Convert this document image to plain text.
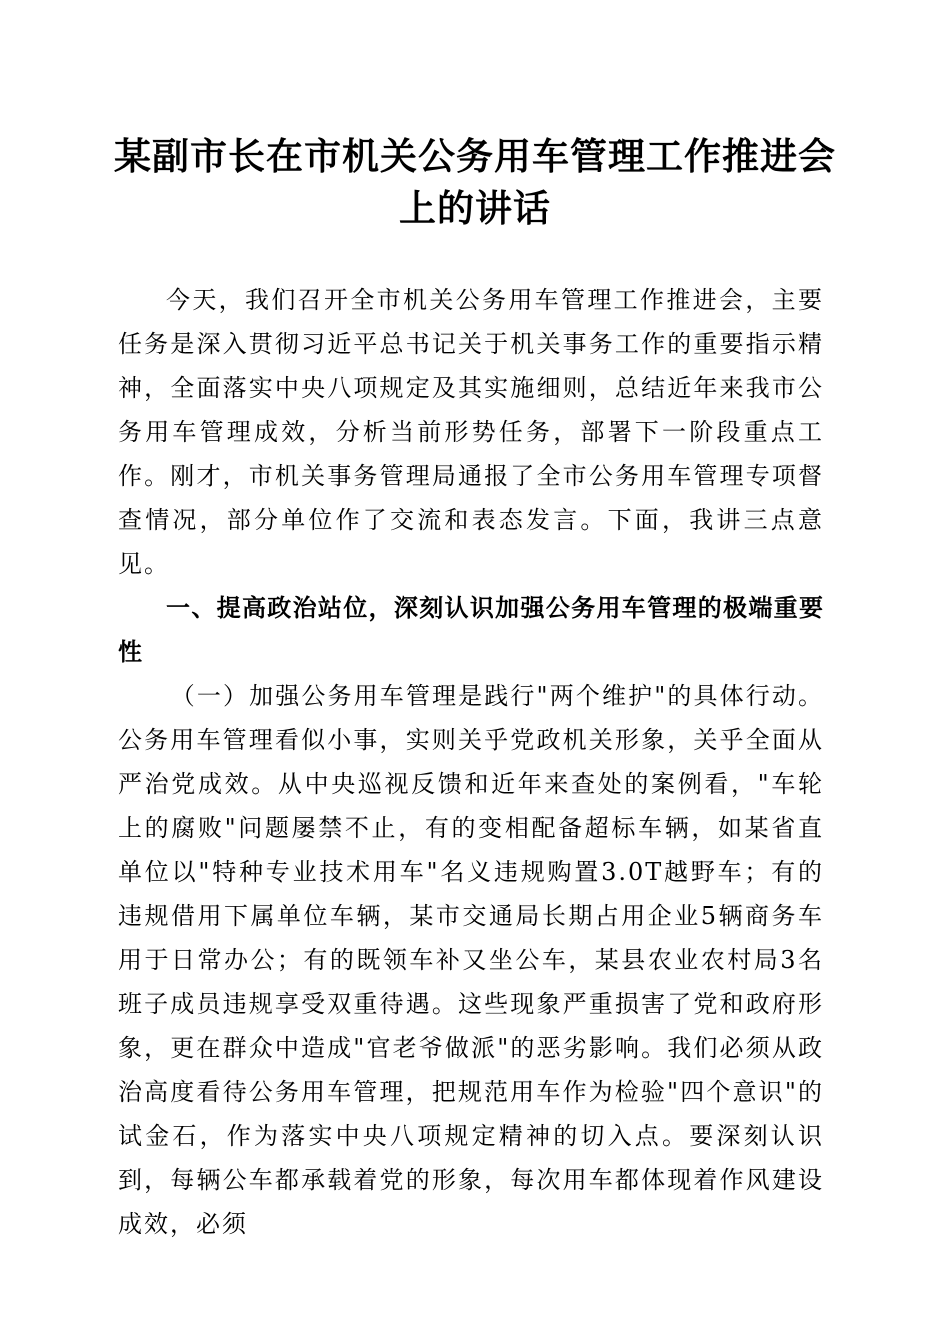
某副市长在市机关公务用车管理工作推进会上的讲话

今天，我们召开全市机关公务用车管理工作推进会，主要任务是深入贯彻习近平总书记关于机关事务工作的重要指示精神，全面落实中央八项规定及其实施细则，总结近年来我市公务用车管理成效，分析当前形势任务，部署下一阶段重点工作。刚才，市机关事务管理局通报了全市公务用车管理专项督查情况，部分单位作了交流和表态发言。下面，我讲三点意见。

一、提高政治站位，深刻认识加强公务用车管理的极端重要性

（一）加强公务用车管理是践行"两个维护"的具体行动。公务用车管理看似小事，实则关乎党政机关形象，关乎全面从严治党成效。从中央巡视反馈和近年来查处的案例看，"车轮上的腐败"问题屡禁不止，有的变相配备超标车辆，如某省直单位以"特种专业技术用车"名义违规购置3.0T越野车；有的违规借用下属单位车辆，某市交通局长期占用企业5辆商务车用于日常办公；有的既领车补又坐公车，某县农业农村局3名班子成员违规享受双重待遇。这些现象严重损害了党和政府形象，更在群众中造成"官老爷做派"的恶劣影响。我们必须从政治高度看待公务用车管理，把规范用车作为检验"四个意识"的试金石，作为落实中央八项规定精神的切入点。要深刻认识到，每辆公车都承载着党的形象，每次用车都体现着作风建设成效，必须
